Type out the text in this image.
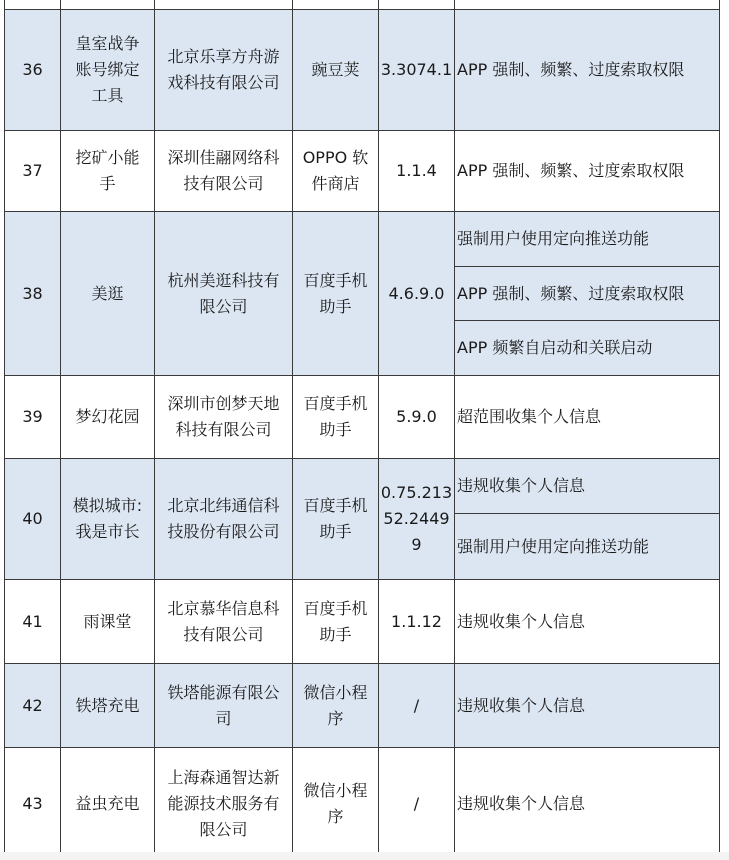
36	皇室战争
账号绑定
工具	北京乐享方舟游
戏科技有限公司	豌豆荚	3.3074.1	APP 强制、频繁、过度索取权限
37	挖矿小能
手	深圳佳翮网络科
技有限公司	OPPO 软
件商店	1.1.4	APP 强制、频繁、过度索取权限
38	美逛	杭州美逛科技有
限公司	百度手机
助手	4.6.9.0	强制用户使用定向推送功能
					APP 强制、频繁、过度索取权限
					APP 频繁自启动和关联启动
39	梦幻花园	深圳市创梦天地
科技有限公司	百度手机
助手	5.9.0	超范围收集个人信息
40	模拟城市:
我是市长	北京北纬通信科
技股份有限公司	百度手机
助手	0.75.213
52.2449
9	违规收集个人信息
					强制用户使用定向推送功能
41	雨课堂	北京慕华信息科
技有限公司	百度手机
助手	1.1.12	违规收集个人信息
42	铁塔充电	铁塔能源有限公
司	微信小程
序	/	违规收集个人信息
43	益虫充电	上海森通智达新
能源技术服务有
限公司	微信小程
序	/	违规收集个人信息
